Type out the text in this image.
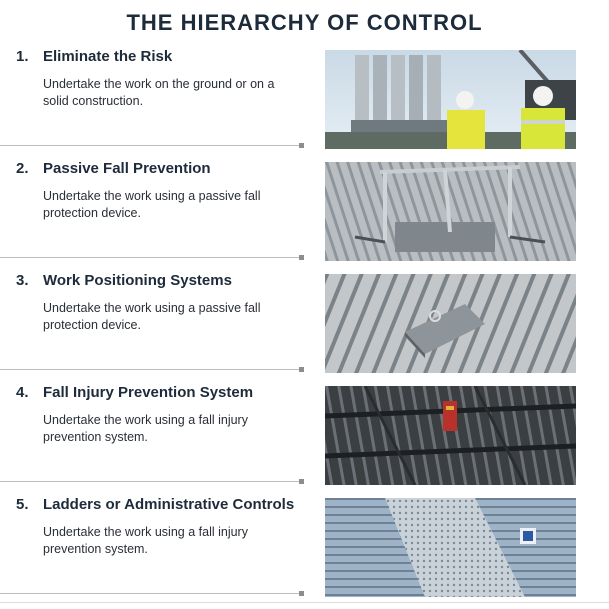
THE HIERARCHY OF CONTROL
1. Eliminate the Risk
Undertake the work on the ground or on a solid construction.
2. Passive Fall Prevention
Undertake the work using a passive fall protection device.
3. Work Positioning Systems
Undertake the work using a passive fall protection device.
4. Fall Injury Prevention System
Undertake the work using a fall injury prevention system.
5. Ladders or Administrative Controls
Undertake the work using a fall injury prevention system.
